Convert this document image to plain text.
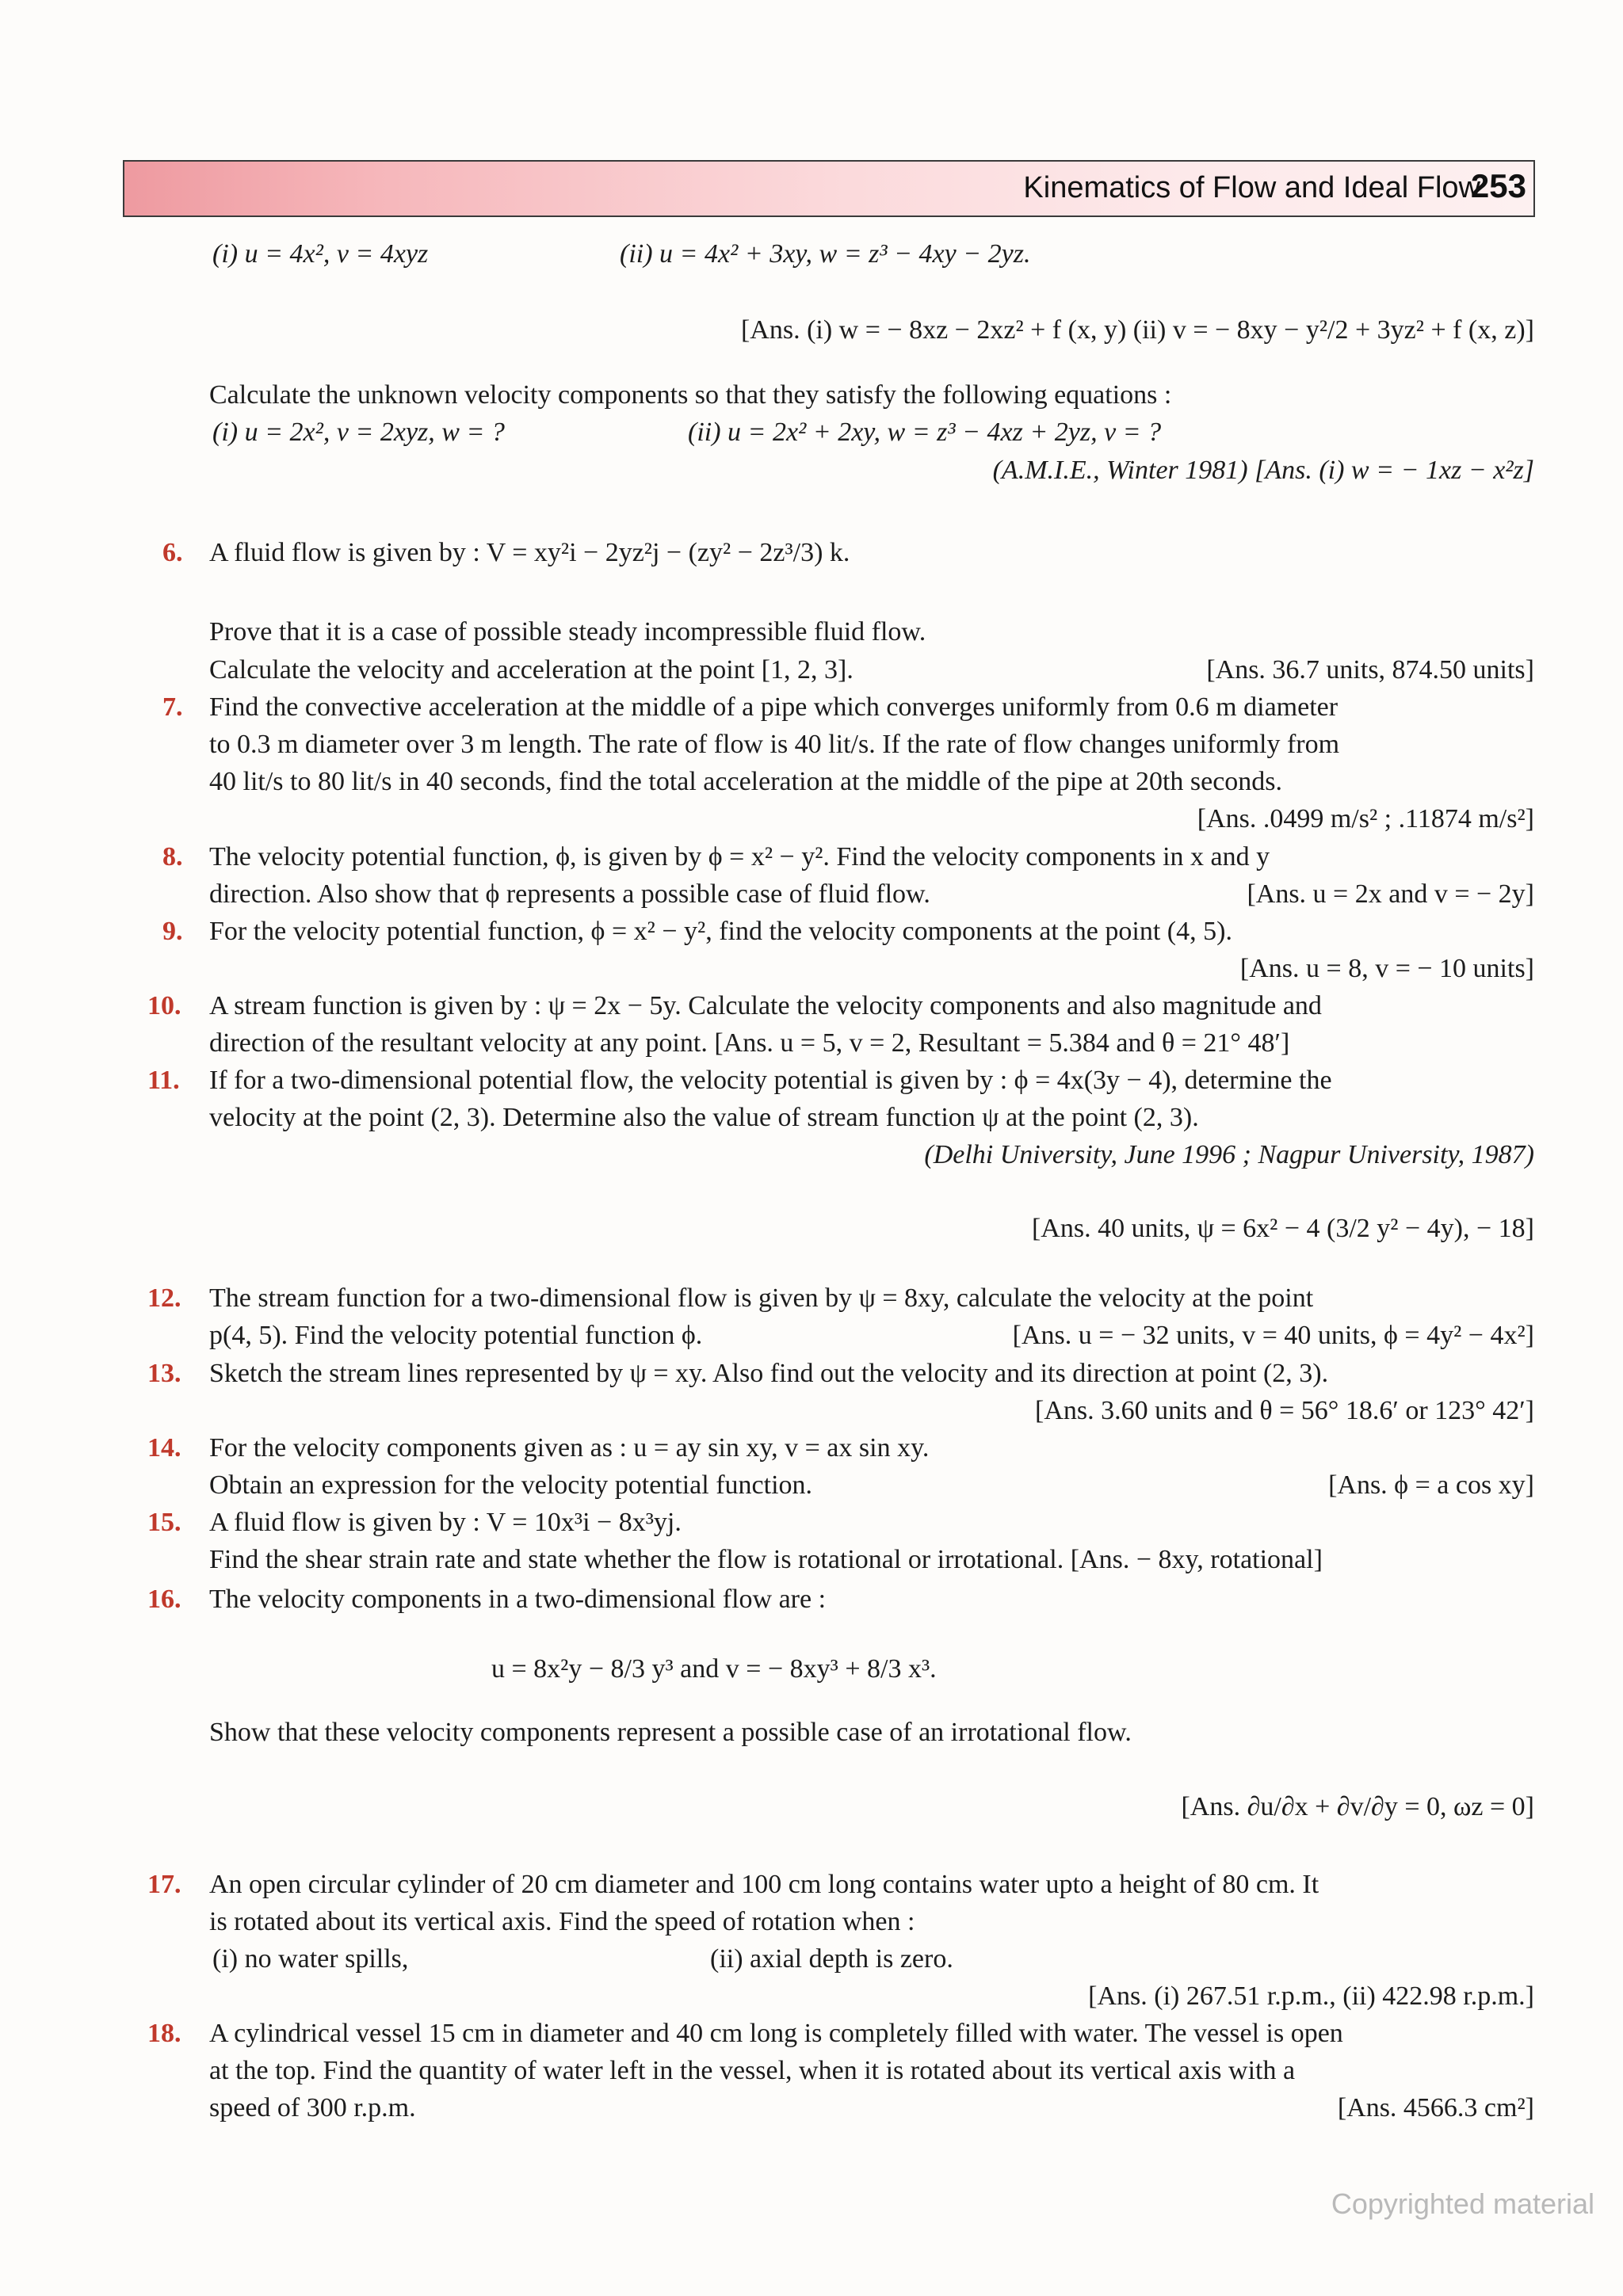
Kinematics of Flow and Ideal Flow
253
(i) u = 4x², v = 4xyz	(ii) u = 4x² + 3xy, w = z³ − 4xy − 2yz.
[Ans. (i) w = − 8xz − 2xz² + f (x, y) (ii) v = − 8xy − y²/2 + 3yz² + f (x, z)]
Calculate the unknown velocity components so that they satisfy the following equations :
(i) u = 2x², v = 2xyz, w = ?	(ii) u = 2x² + 2xy, w = z³ − 4xz + 2yz, v = ?
(A.M.I.E., Winter 1981) [Ans. (i) w = − 1xz − x²z]
6. A fluid flow is given by : V = xy²i − 2yz²j − (zy² − 2z³/3) k.
Prove that it is a case of possible steady incompressible fluid flow.
Calculate the velocity and acceleration at the point [1, 2, 3].	[Ans. 36.7 units, 874.50 units]
7. Find the convective acceleration at the middle of a pipe which converges uniformly from 0.6 m diameter
to 0.3 m diameter over 3 m length. The rate of flow is 40 lit/s. If the rate of flow changes uniformly from
40 lit/s to 80 lit/s in 40 seconds, find the total acceleration at the middle of the pipe at 20th seconds.
[Ans. .0499 m/s² ; .11874 m/s²]
8. The velocity potential function, ϕ, is given by ϕ = x² − y². Find the velocity components in x and y
direction. Also show that ϕ represents a possible case of fluid flow.	[Ans. u = 2x and v = − 2y]
9. For the velocity potential function, ϕ = x² − y², find the velocity components at the point (4, 5).
[Ans. u = 8, v = − 10 units]
10. A stream function is given by : ψ = 2x − 5y. Calculate the velocity components and also magnitude and
direction of the resultant velocity at any point. [Ans. u = 5, v = 2, Resultant = 5.384 and θ = 21° 48′]
11. If for a two-dimensional potential flow, the velocity potential is given by : ϕ = 4x(3y − 4), determine the
velocity at the point (2, 3). Determine also the value of stream function ψ at the point (2, 3).
(Delhi University, June 1996 ; Nagpur University, 1987)
[Ans. 40 units, ψ = 6x² − 4 (3/2 y² − 4y), − 18]
12. The stream function for a two-dimensional flow is given by ψ = 8xy, calculate the velocity at the point
p(4, 5). Find the velocity potential function ϕ.	[Ans. u = − 32 units, v = 40 units, ϕ = 4y² − 4x²]
13. Sketch the stream lines represented by ψ = xy. Also find out the velocity and its direction at point (2, 3).
[Ans. 3.60 units and θ = 56° 18.6′ or 123° 42′]
14. For the velocity components given as : u = ay sin xy, v = ax sin xy.
Obtain an expression for the velocity potential function.	[Ans. ϕ = a cos xy]
15. A fluid flow is given by : V = 10x³i − 8x³yj.
Find the shear strain rate and state whether the flow is rotational or irrotational. [Ans. − 8xy, rotational]
16. The velocity components in a two-dimensional flow are :
u = 8x²y − 8/3 y³ and v = − 8xy³ + 8/3 x³.
Show that these velocity components represent a possible case of an irrotational flow.
[Ans. ∂u/∂x + ∂v/∂y = 0, ωz = 0]
17. An open circular cylinder of 20 cm diameter and 100 cm long contains water upto a height of 80 cm. It
is rotated about its vertical axis. Find the speed of rotation when :
(i) no water spills,	(ii) axial depth is zero.
[Ans. (i) 267.51 r.p.m., (ii) 422.98 r.p.m.]
18. A cylindrical vessel 15 cm in diameter and 40 cm long is completely filled with water. The vessel is open
at the top. Find the quantity of water left in the vessel, when it is rotated about its vertical axis with a
speed of 300 r.p.m.	[Ans. 4566.3 cm²]
Copyrighted material
